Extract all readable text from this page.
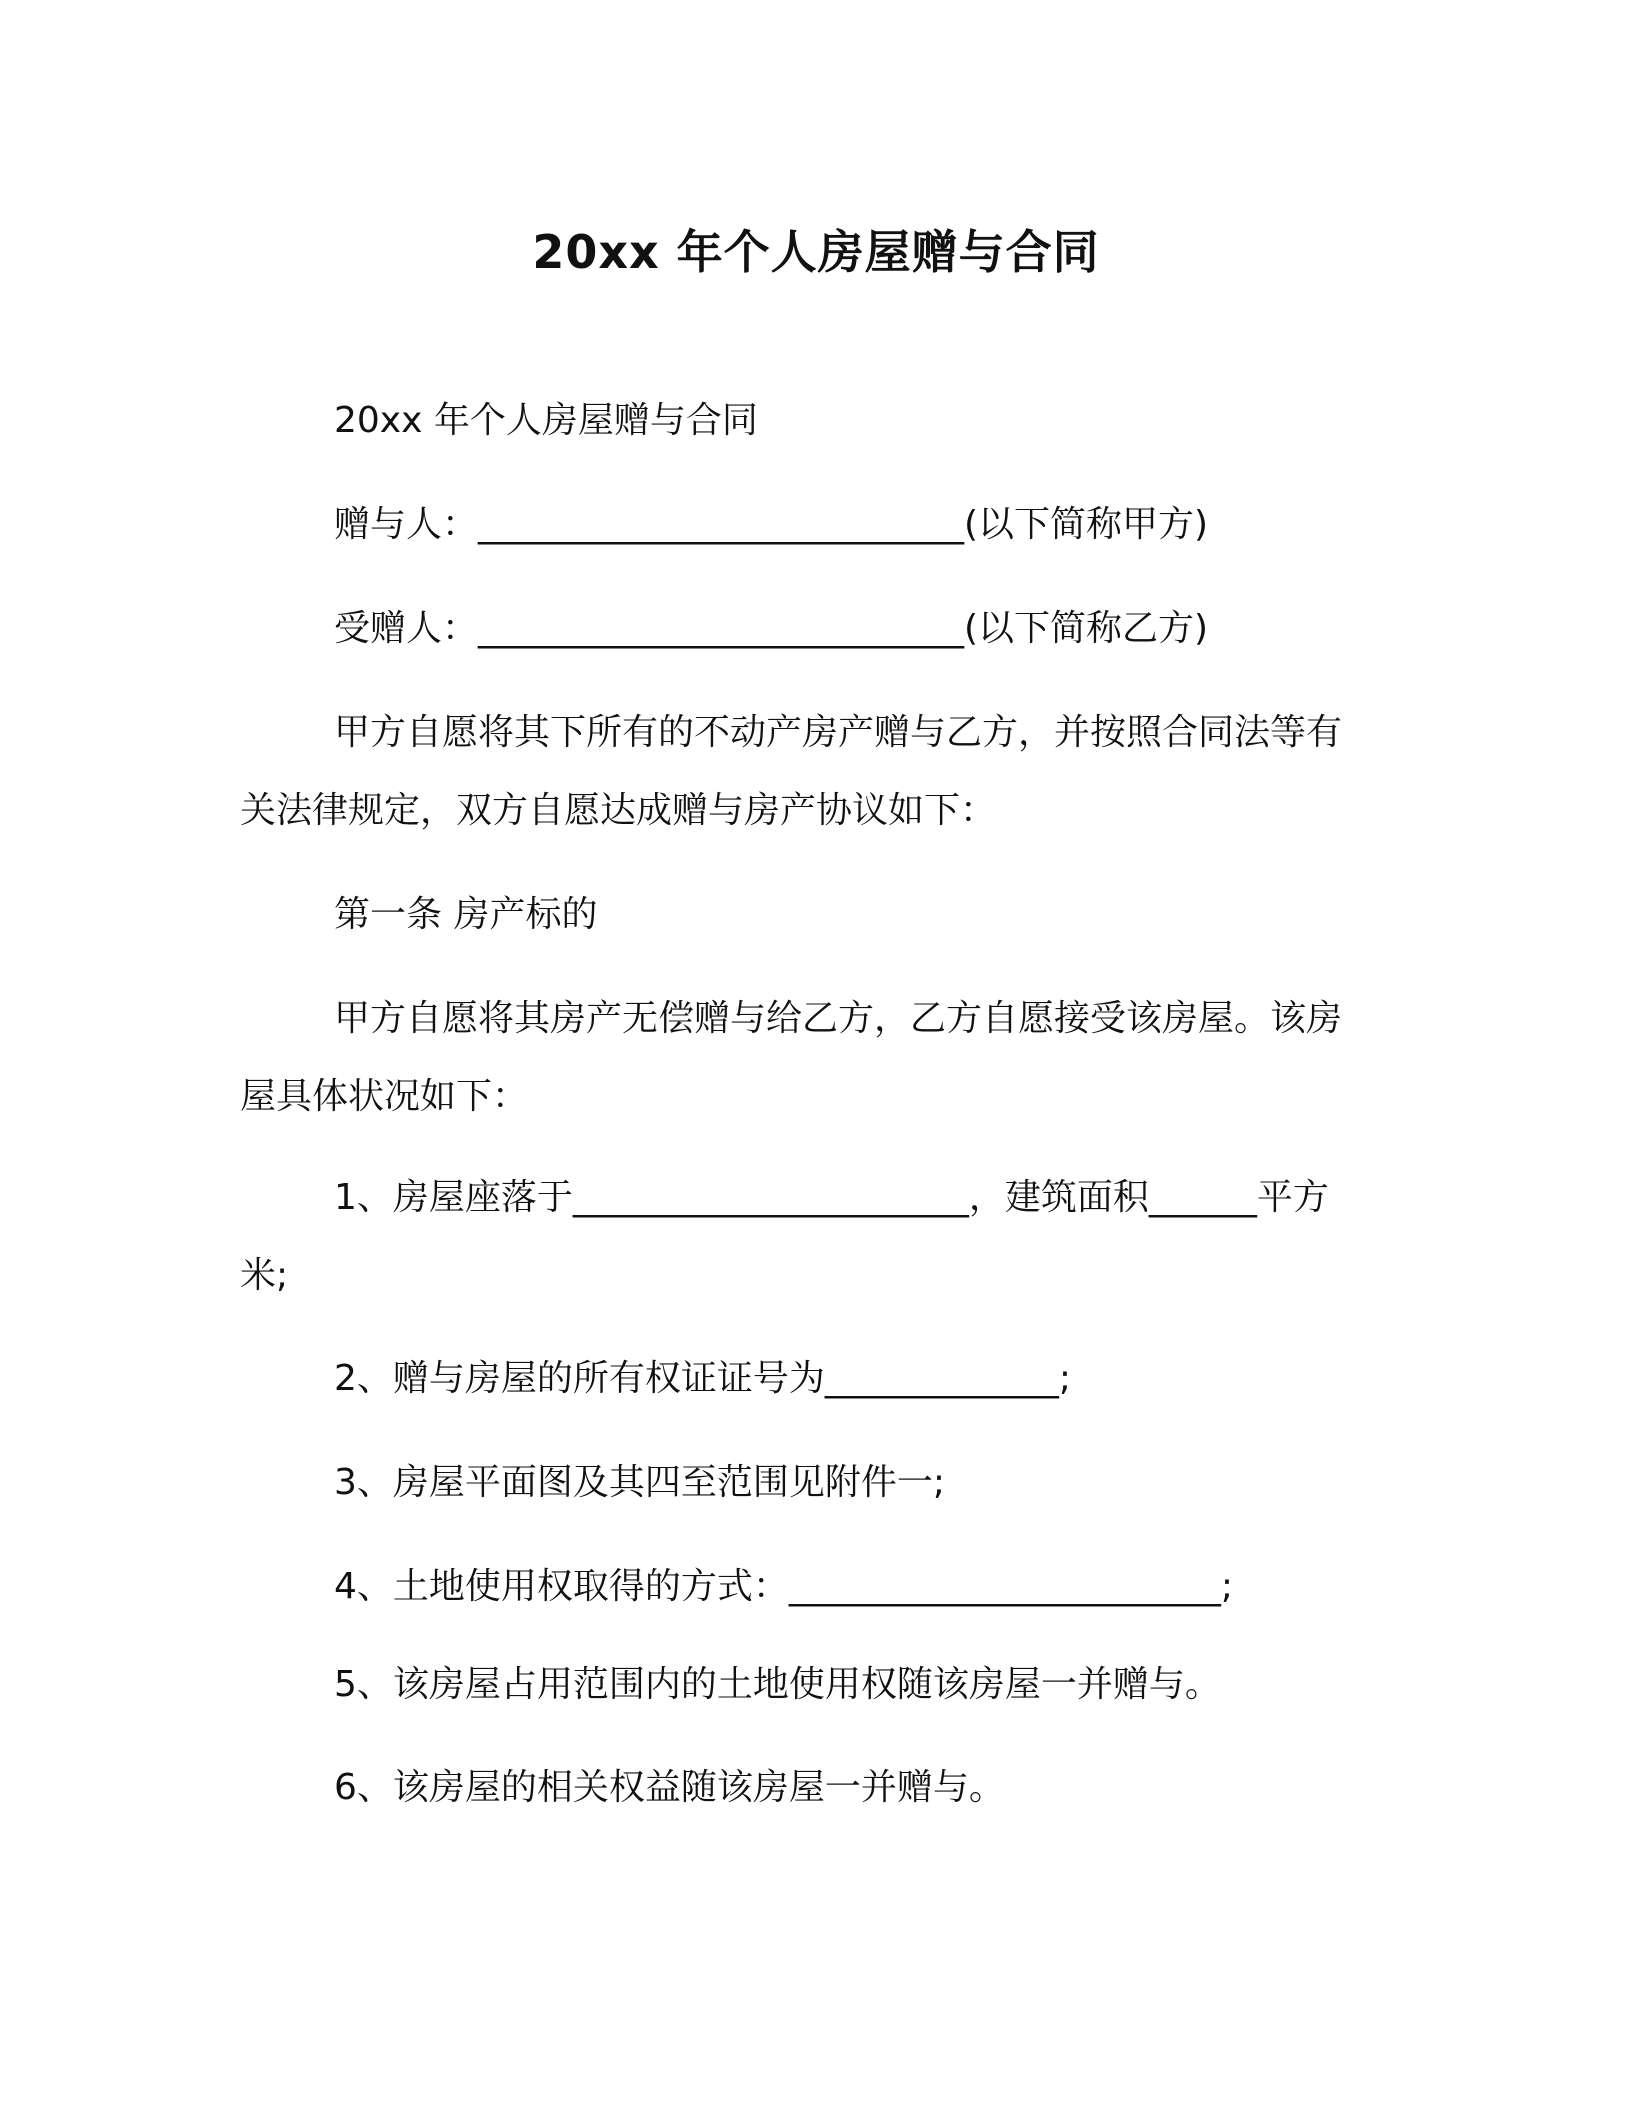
20xx 年个人房屋赠与合同
20xx 年个人房屋赠与合同
赠与人：___________________________(以下简称甲方)
受赠人：___________________________(以下简称乙方)
甲方自愿将其下所有的不动产房产赠与乙方，并按照合同法等有
关法律规定，双方自愿达成赠与房产协议如下：
第一条 房产标的
甲方自愿将其房产无偿赠与给乙方，乙方自愿接受该房屋。该房
屋具体状况如下：
1、房屋座落于______________________，建筑面积______平方
米;
2、赠与房屋的所有权证证号为_____________;
3、房屋平面图及其四至范围见附件一;
4、土地使用权取得的方式：________________________;
5、该房屋占用范围内的土地使用权随该房屋一并赠与。
6、该房屋的相关权益随该房屋一并赠与。
